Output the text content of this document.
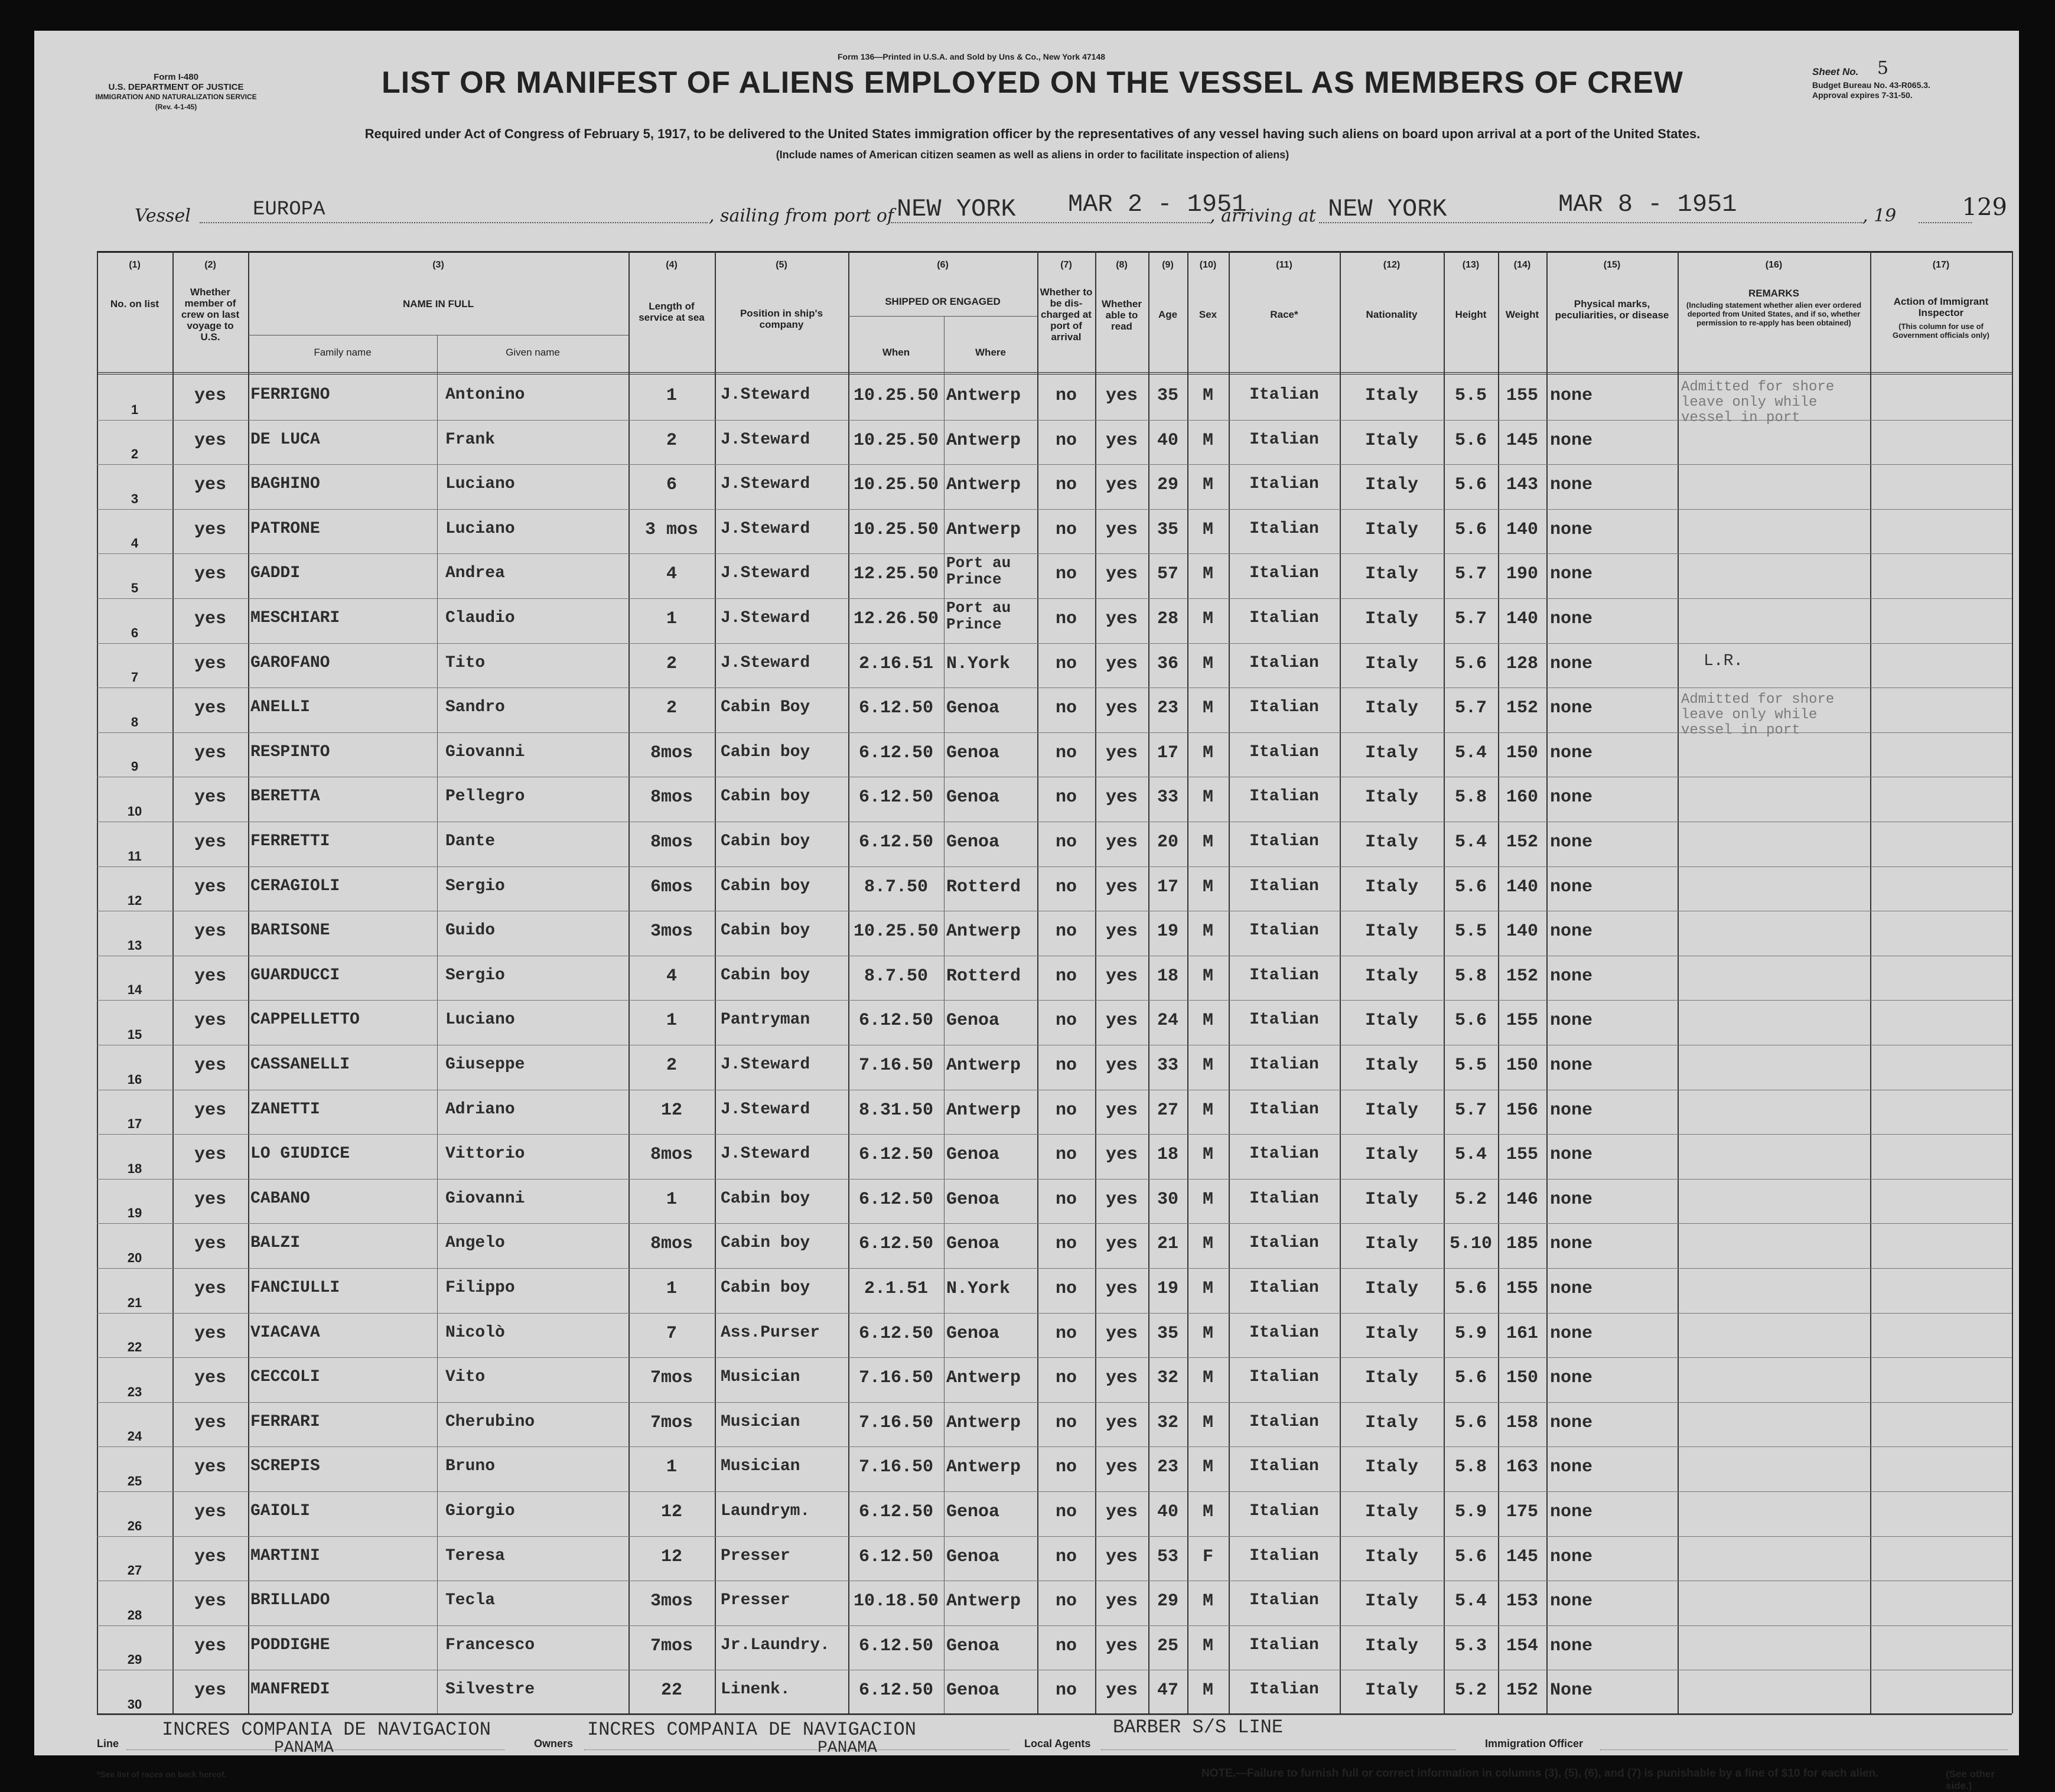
Form I-480
U.S. DEPARTMENT OF JUSTICE
IMMIGRATION AND NATURALIZATION SERVICE
(Rev. 4-1-45)
Form 136—Printed in U.S.A. and Sold by Uns & Co., New York 47148
LIST OR MANIFEST OF ALIENS EMPLOYED ON THE VESSEL AS MEMBERS OF CREW	Sheet No. 5
Budget Bureau No. 43-R065.3.
Approval expires 7-31-50.
Required under Act of Congress of February 5, 1917, to be delivered to the United States immigration officer by the representatives of any vessel having such aliens on board upon arrival at a port of the United States.
(Include names of American citizen seamen as well as aliens in order to facilitate inspection of aliens)
Vessel	EUROPA	, sailing from port of NEW YORK MAR 2 - 1951
, arriving at NEW YORK	MAR 8 - 1951	, 19	129
(1)	(2)	(3)	(4)	(5)	(6)	(7)	(8)	(9)	(10)	(11)	(12)	(13)	(14)	(15)	(16)	(17)
No. on list
Whether member of crew on last voyage to U.S.
NAME IN FULL
Family name	Given name
Length of service at sea	Position in ship's company
SHIPPED OR ENGAGED
When	Where
Whether to be dis-charged at port of arrival
Whether able to read
Age	Sex	Race*	Nationality	Height	Weight
Physical marks, peculiarities, or disease
REMARKS
(Including statement whether alien ever ordered deported from United States, and if so, whether permission to re-apply has been obtained)
Action of Immigrant Inspector
(This column for use of Government officials only)
1
yes	FERRIGNO	Antonino	1	J.Steward	10.25.50 Antwerp	no	yes	35	M	Italian	Italy	5.5	155 none	Admitted for shore leave only while vessel in port
2
yes	DE LUCA	Frank	2	J.Steward	10.25.50 Antwerp	no	yes	40	M	Italian	Italy	5.6	145 none
3
yes	BAGHINO	Luciano	6	J.Steward	10.25.50 Antwerp	no	yes	29	M	Italian	Italy	5.6	143 none
4
yes	PATRONE	Luciano	3 mos	J.Steward	10.25.50 Antwerp	no	yes	35	M	Italian	Italy	5.6	140 none
5
yes	GADDI	Andrea	4	J.Steward	12.25.50
Port au Prince	no	yes	57	M	Italian	Italy	5.7	190 none
6
yes	MESCHIARI	Claudio	1	J.Steward	12.26.50
Port au Prince	no	yes	28	M	Italian	Italy	5.7	140 none
7
yes	GAROFANO	Tito	2	J.Steward	2.16.51 N.York	no	yes	36	M	Italian	Italy	5.6	128 none	L.R.
8
yes	ANELLI	Sandro	2	Cabin Boy	6.12.50 Genoa	no	yes	23	M	Italian	Italy	5.7	152 none	Admitted for shore leave only while vessel in port
9
yes	RESPINTO	Giovanni	8mos	Cabin boy	6.12.50 Genoa	no	yes	17	M	Italian	Italy	5.4	150 none
10
yes	BERETTA	Pellegro	8mos	Cabin boy	6.12.50 Genoa	no	yes	33	M	Italian	Italy	5.8	160 none
11
yes	FERRETTI	Dante	8mos	Cabin boy	6.12.50 Genoa	no	yes	20	M	Italian	Italy	5.4	152 none
12
yes	CERAGIOLI	Sergio	6mos	Cabin boy	8.7.50	Rotterd	no	yes	17	M	Italian	Italy	5.6	140 none
13
yes	BARISONE	Guido	3mos	Cabin boy	10.25.50 Antwerp	no	yes	19	M	Italian	Italy	5.5	140 none
14
yes	GUARDUCCI	Sergio	4	Cabin boy	8.7.50	Rotterd	no	yes	18	M	Italian	Italy	5.8	152 none
15
yes	CAPPELLETTO	Luciano	1	Pantryman	6.12.50 Genoa	no	yes	24	M	Italian	Italy	5.6	155 none
16
yes	CASSANELLI	Giuseppe	2	J.Steward	7.16.50 Antwerp	no	yes	33	M	Italian	Italy	5.5	150 none
17
yes	ZANETTI	Adriano	12	J.Steward	8.31.50 Antwerp	no	yes	27	M	Italian	Italy	5.7	156 none
18
yes	LO GIUDICE	Vittorio	8mos	J.Steward	6.12.50 Genoa	no	yes	18	M	Italian	Italy	5.4	155 none
19
yes	CABANO	Giovanni	1	Cabin boy	6.12.50 Genoa	no	yes	30	M	Italian	Italy	5.2	146 none
20
yes	BALZI	Angelo	8mos	Cabin boy	6.12.50 Genoa	no	yes	21	M	Italian	Italy	5.10 185 none
21
yes	FANCIULLI	Filippo	1	Cabin boy	2.1.51	N.York	no	yes	19	M	Italian	Italy	5.6	155 none
22
yes	VIACAVA	Nicolò	7	Ass.Purser	6.12.50 Genoa	no	yes	35	M	Italian	Italy	5.9	161 none
23
yes	CECCOLI	Vito	7mos	Musician	7.16.50 Antwerp	no	yes	32	M	Italian	Italy	5.6	150 none
24
yes	FERRARI	Cherubino	7mos	Musician	7.16.50 Antwerp	no	yes	32	M	Italian	Italy	5.6	158 none
25
yes	SCREPIS	Bruno	1	Musician	7.16.50 Antwerp	no	yes	23	M	Italian	Italy	5.8	163 none
26
yes	GAIOLI	Giorgio	12	Laundrym.	6.12.50 Genoa	no	yes	40	M	Italian	Italy	5.9	175 none
27
yes	MARTINI	Teresa	12	Presser	6.12.50 Genoa	no	yes	53	F	Italian	Italy	5.6	145 none
28
yes	BRILLADO	Tecla	3mos	Presser	10.18.50 Antwerp	no	yes	29	M	Italian	Italy	5.4	153 none
29
yes	PODDIGHE	Francesco	7mos	Jr.Laundry.	6.12.50 Genoa	no	yes	25	M	Italian	Italy	5.3	154 none
30
yes	MANFREDI	Silvestre	22	Linenk.	6.12.50 Genoa	no	yes	47	M	Italian	Italy	5.2	152 None
Line
INCRES COMPANIA DE NAVIGACION
PANAMA	Owners
INCRES COMPANIA DE NAVIGACION
PANAMA	Local Agents
BARBER S/S LINE
Immigration Officer
*See list of races on back hereof.	NOTE.—Failure to furnish full or correct information in columns (3), (5), (6), and (7) is punishable by a fine of $10 for each alien.	(See other side.)
